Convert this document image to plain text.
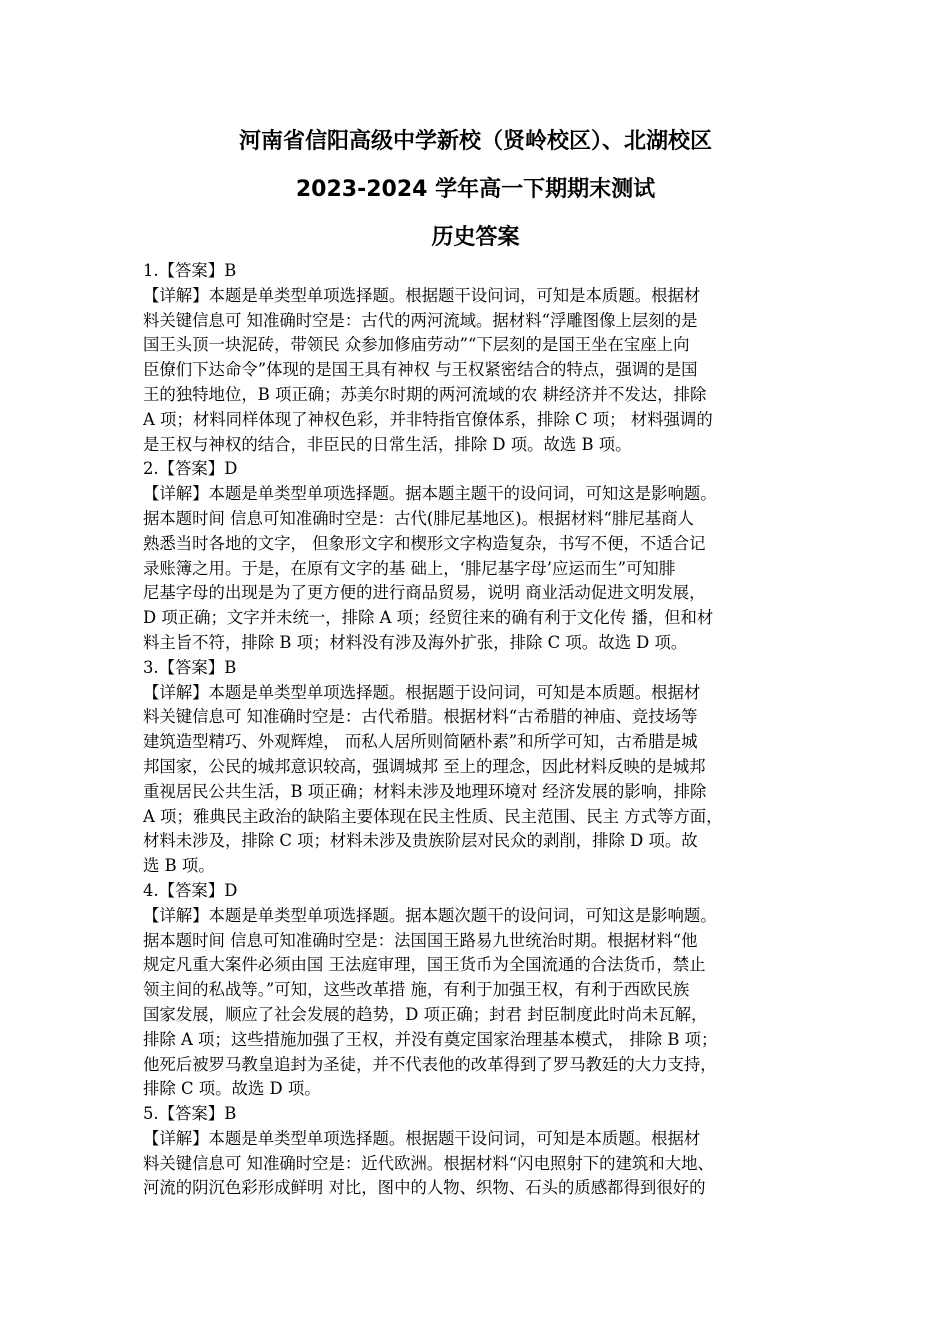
河南省信阳高级中学新校（贤岭校区）、北湖校区
2023-2024 学年高一下期期末测试
历史答案
1.【答案】B
【详解】本题是单类型单项选择题。根据题干设问词，可知是本质题。根据材
料关键信息可 知准确时空是：古代的两河流域。据材料“浮雕图像上层刻的是
国王头顶一块泥砖，带领民 众参加修庙劳动”“下层刻的是国王坐在宝座上向
臣僚们下达命令”体现的是国王具有神权 与王权紧密结合的特点，强调的是国
王的独特地位，B 项正确；苏美尔时期的两河流域的农 耕经济并不发达，排除
A 项；材料同样体现了神权色彩，并非特指官僚体系，排除 C 项； 材料强调的
是王权与神权的结合，非臣民的日常生活，排除 D 项。故选 B 项。
2.【答案】D
【详解】本题是单类型单项选择题。据本题主题干的设问词，可知这是影响题。
据本题时间 信息可知准确时空是：古代(腓尼基地区)。根据材料“腓尼基商人
熟悉当时各地的文字， 但象形文字和楔形文字构造复杂，书写不便，不适合记
录账簿之用。于是，在原有文字的基 础上，‘腓尼基字母’应运而生”可知腓
尼基字母的出现是为了更方便的进行商品贸易，说明 商业活动促进文明发展，
D 项正确；文字并未统一，排除 A 项；经贸往来的确有利于文化传 播，但和材
料主旨不符，排除 B 项；材料没有涉及海外扩张，排除 C 项。故选 D 项。
3.【答案】B
【详解】本题是单类型单项选择题。根据题于设问词，可知是本质题。根据材
料关键信息可 知准确时空是：古代希腊。根据材料“古希腊的神庙、竞技场等
建筑造型精巧、外观辉煌， 而私人居所则简陋朴素”和所学可知，古希腊是城
邦国家，公民的城邦意识较高，强调城邦 至上的理念，因此材料反映的是城邦
重视居民公共生活，B 项正确；材料未涉及地理环境对 经济发展的影响，排除
A 项；雅典民主政治的缺陷主要体现在民主性质、民主范围、民主 方式等方面，
材料未涉及，排除 C 项；材料未涉及贵族阶层对民众的剥削，排除 D 项。故
选 B 项。
4.【答案】D
【详解】本题是单类型单项选择题。据本题次题干的设问词，可知这是影响题。
据本题时间 信息可知准确时空是：法国国王路易九世统治时期。根据材料“他
规定凡重大案件必须由国 王法庭审理，国王货币为全国流通的合法货币，禁止
领主间的私战等。”可知，这些改革措 施，有利于加强王权，有利于西欧民族
国家发展，顺应了社会发展的趋势，D 项正确；封君 封臣制度此时尚未瓦解，
排除 A 项；这些措施加强了王权，并没有奠定国家治理基本模式， 排除 B 项；
他死后被罗马教皇追封为圣徒，并不代表他的改革得到了罗马教廷的大力支持，
排除 C 项。故选 D 项。
5.【答案】B
【详解】本题是单类型单项选择题。根据题干设问词，可知是本质题。根据材
料关键信息可 知准确时空是：近代欧洲。根据材料“闪电照射下的建筑和大地、
河流的阴沉色彩形成鲜明 对比，图中的人物、织物、石头的质感都得到很好的
